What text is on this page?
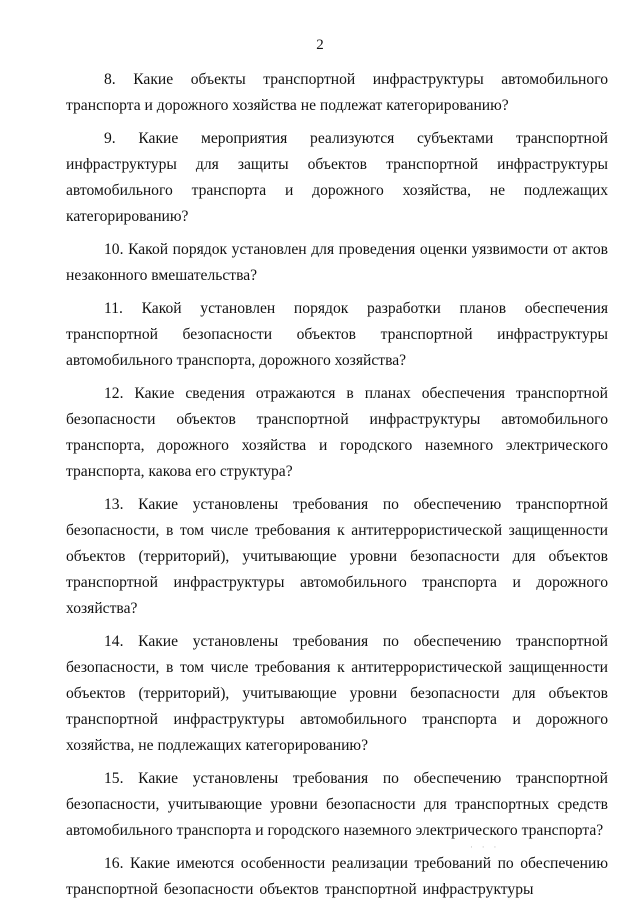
2

8. Какие объекты транспортной инфраструктуры автомобильного транспорта и дорожного хозяйства не подлежат категорированию?

9. Какие мероприятия реализуются субъектами транспортной инфраструктуры для защиты объектов транспортной инфраструктуры автомобильного транспорта и дорожного хозяйства, не подлежащих категорированию?

10. Какой порядок установлен для проведения оценки уязвимости от актов незаконного вмешательства?

11. Какой установлен порядок разработки планов обеспечения транспортной безопасности объектов транспортной инфраструктуры автомобильного транспорта, дорожного хозяйства?

12. Какие сведения отражаются в планах обеспечения транспортной безопасности объектов транспортной инфраструктуры автомобильного транспорта, дорожного хозяйства и городского наземного электрического транспорта, какова его структура?

13. Какие установлены требования по обеспечению транспортной безопасности, в том числе требования к антитеррористической защищенности объектов (территорий), учитывающие уровни безопасности для объектов транспортной инфраструктуры автомобильного транспорта и дорожного хозяйства?

14. Какие установлены требования по обеспечению транспортной безопасности, в том числе требования к антитеррористической защищенности объектов (территорий), учитывающие уровни безопасности для объектов транспортной инфраструктуры автомобильного транспорта и дорожного хозяйства, не подлежащих категорированию?

15. Какие установлены требования по обеспечению транспортной безопасности, учитывающие уровни безопасности для транспортных средств автомобильного транспорта и городского наземного электрического транспорта?

16. Какие имеются особенности реализации требований по обеспечению транспортной безопасности объектов транспортной инфраструктуры

· · ·
